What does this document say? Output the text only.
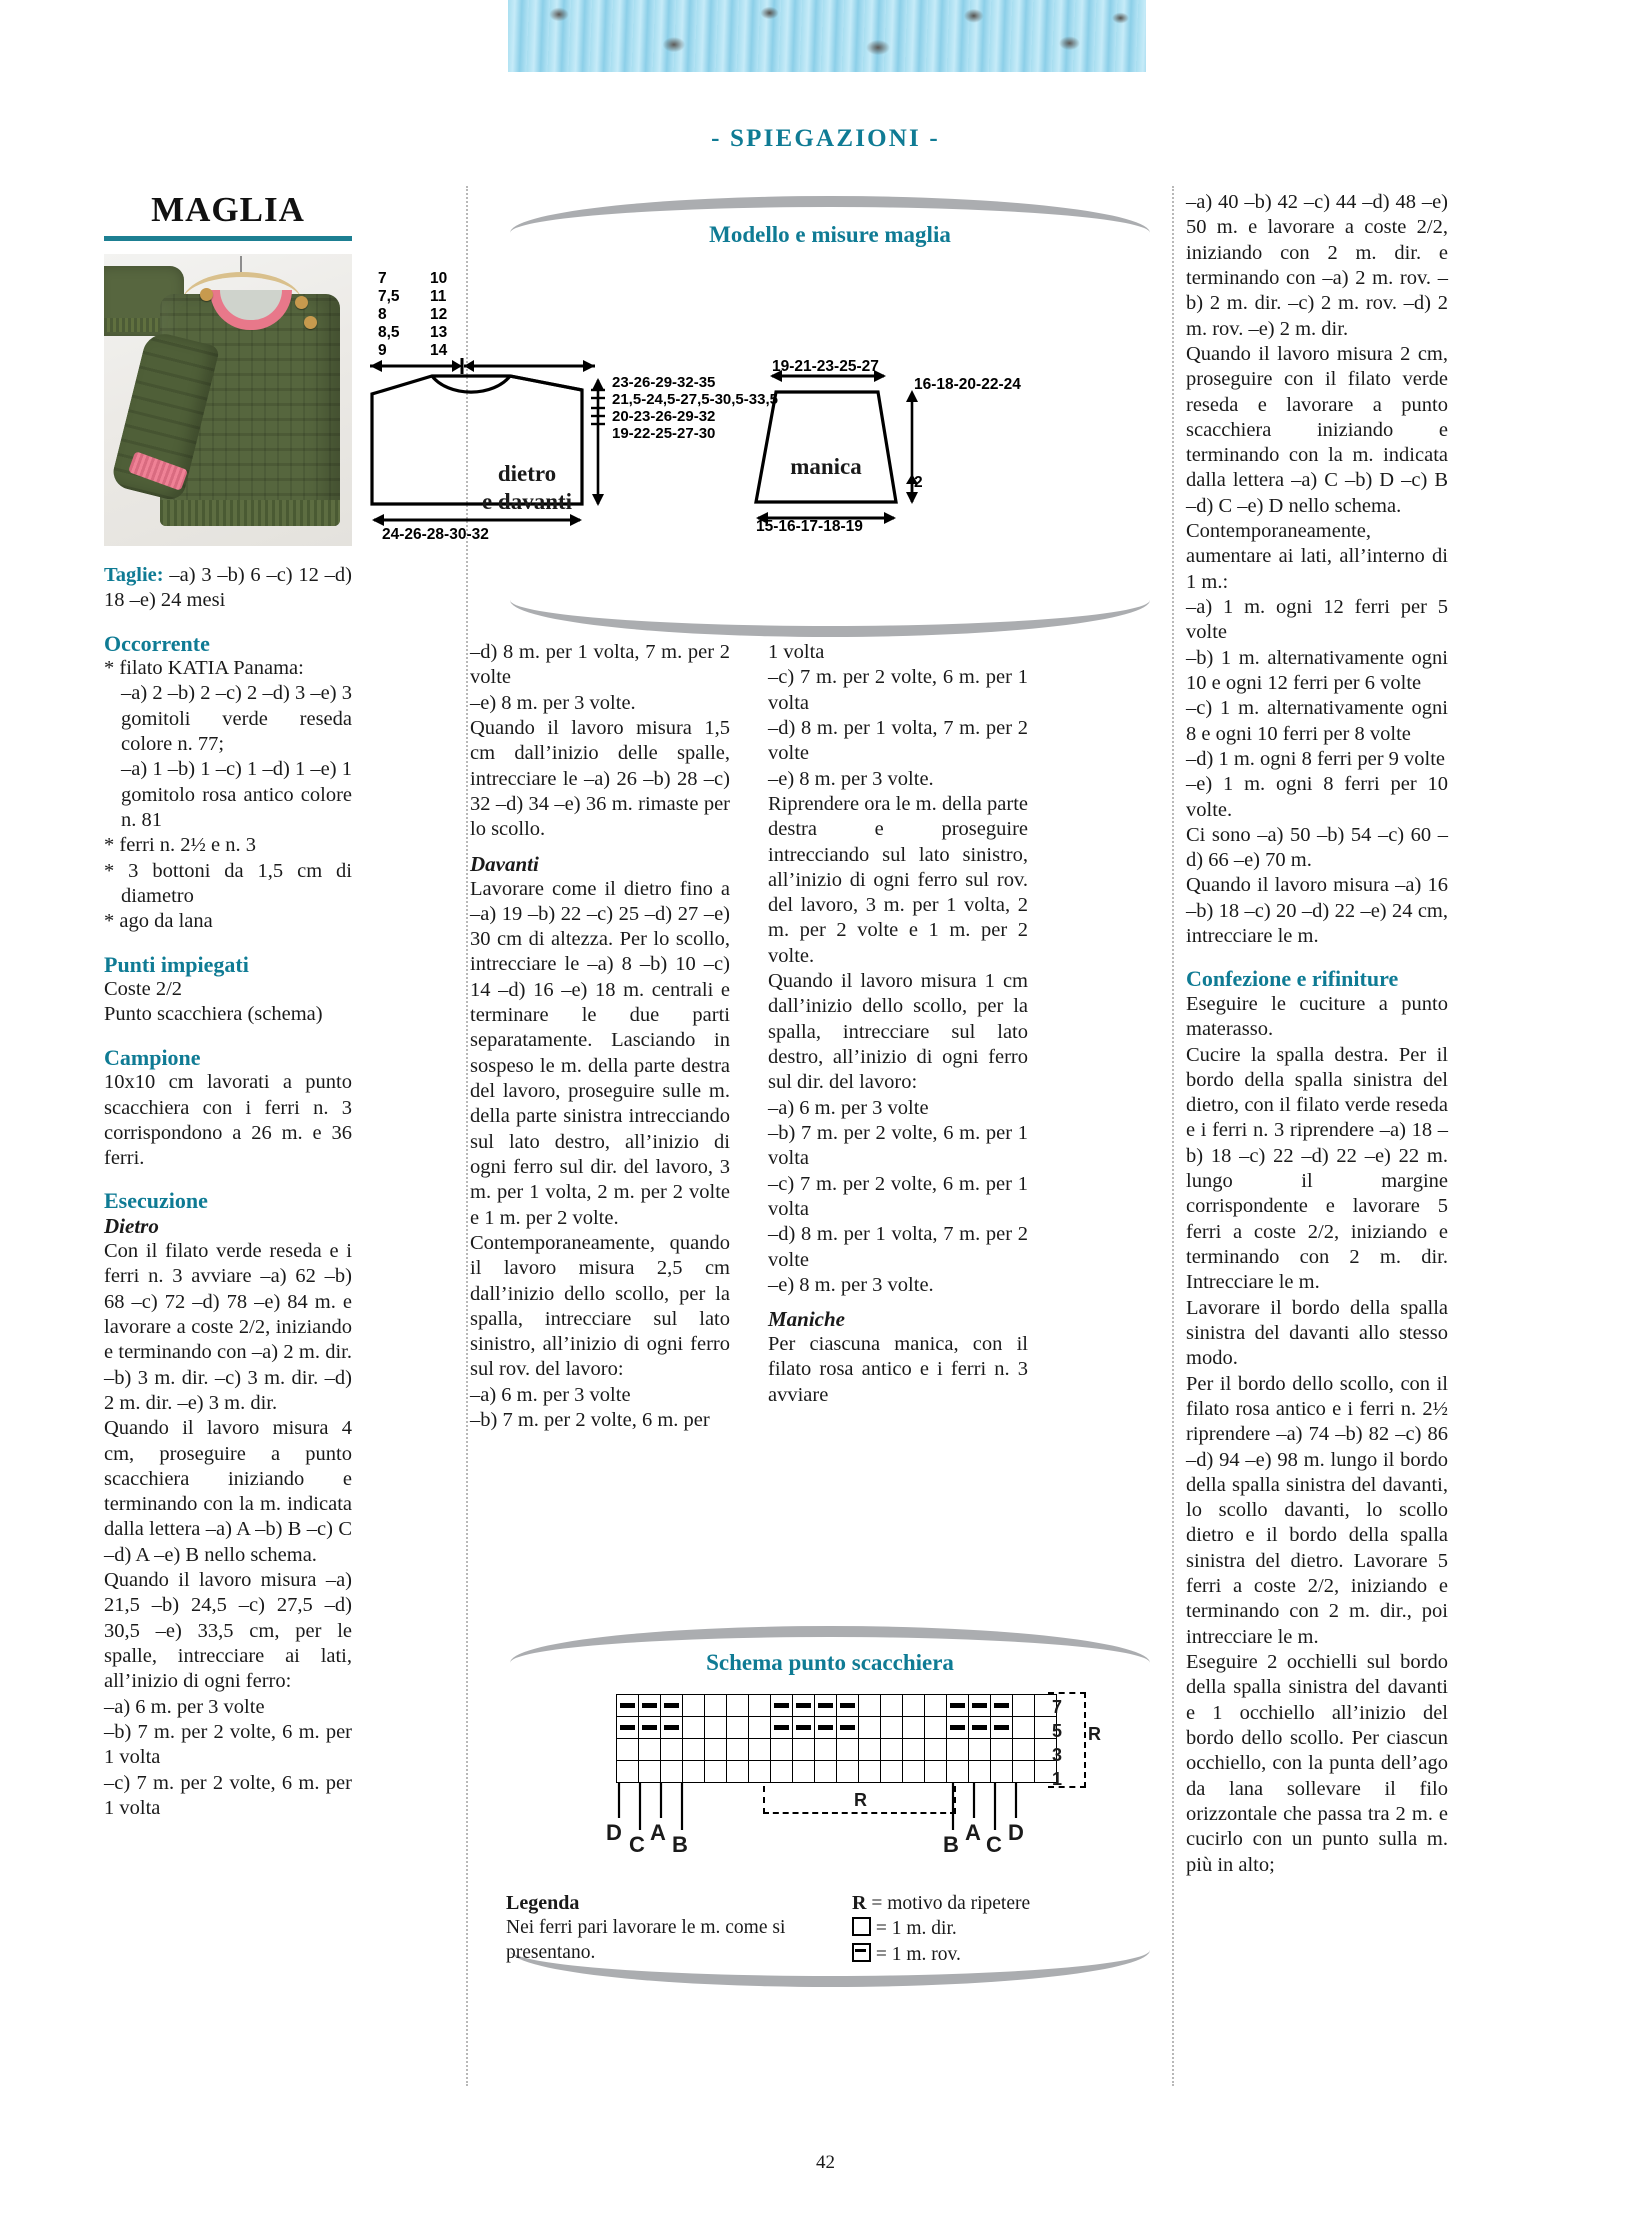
- SPIEGAZIONI -
MAGLIA
Taglie: –a) 3 –b) 6 –c) 12 –d) 18 –e) 24 mesi
Occorrente
* filato KATIA Panama:
–a) 2 –b) 2 –c) 2 –d) 3 –e) 3 gomitoli verde reseda colore n. 77;
–a) 1 –b) 1 –c) 1 –d) 1 –e) 1 gomitolo rosa antico colore n. 81
* ferri n. 2½ e n. 3
* 3 bottoni da 1,5 cm di diametro
* ago da lana
Punti impiegati
Coste 2/2
Punto scacchiera (schema)
Campione
10x10 cm lavorati a punto scacchiera con i ferri n. 3 corrispondono a 26 m. e 36 ferri.
Esecuzione
Dietro
Con il filato verde reseda e i ferri n. 3 avviare –a) 62 –b) 68 –c) 72 –d) 78 –e) 84 m. e lavorare a coste 2/2, iniziando e terminando con –a) 2 m. dir. –b) 3 m. dir. –c) 3 m. dir. –d) 2 m. dir. –e) 3 m. dir.
Quando il lavoro misura 4 cm, proseguire a punto scacchiera iniziando e terminando con la m. indicata dalla lettera –a) A –b) B –c) C –d) A –e) B nello schema.
Quando il lavoro misura –a) 21,5 –b) 24,5 –c) 27,5 –d) 30,5 –e) 33,5 cm, per le spalle, intrecciare ai lati, all’inizio di ogni ferro:
–a) 6 m. per 3 volte
–b) 7 m. per 2 volte, 6 m. per 1 volta
–c) 7 m. per 2 volte, 6 m. per 1 volta
Modello e misure maglia
7
7,5
8
8,5
9
10
11
12
13
14
dietro
e davanti
23-26-29-32-35
21,5-24,5-27,5-30,5-33,5
20-23-26-29-32
19-22-25-27-30
24-26-28-30-32
19-21-23-25-27
16-18-20-22-24
2
15-16-17-18-19
manica
–d) 8 m. per 1 volta, 7 m. per 2 volte
–e) 8 m. per 3 volte.
Quando il lavoro misura 1,5 cm dall’inizio delle spalle, intrecciare le –a) 26 –b) 28 –c) 32 –d) 34 –e) 36 m. rimaste per lo scollo.
Davanti
Lavorare come il dietro fino a –a) 19 –b) 22 –c) 25 –d) 27 –e) 30 cm di altezza. Per lo scollo, intrecciare le –a) 8 –b) 10 –c) 14 –d) 16 –e) 18 m. centrali e terminare le due parti separatamente. Lasciando in sospeso le m. della parte destra del lavoro, proseguire sulle m. della parte sinistra intrecciando sul lato destro, all’inizio di ogni ferro sul dir. del lavoro, 3 m. per 1 volta, 2 m. per 2 volte e 1 m. per 2 volte.
Contemporaneamente, quando il lavoro misura 2,5 cm dall’inizio dello scollo, per la spalla, intrecciare sul lato sinistro, all’inizio di ogni ferro sul rov. del lavoro:
–a) 6 m. per 3 volte
–b) 7 m. per 2 volte, 6 m. per
1 volta
–c) 7 m. per 2 volte, 6 m. per 1 volta
–d) 8 m. per 1 volta, 7 m. per 2 volte
–e) 8 m. per 3 volte.
Riprendere ora le m. della parte destra e proseguire intrecciando sul lato sinistro, all’inizio di ogni ferro sul rov. del lavoro, 3 m. per 1 volta, 2 m. per 2 volte e 1 m. per 2 volte.
Quando il lavoro misura 1 cm dall’inizio dello scollo, per la spalla, intrecciare sul lato destro, all’inizio di ogni ferro sul dir. del lavoro:
–a) 6 m. per 3 volte
–b) 7 m. per 2 volte, 6 m. per 1 volta
–c) 7 m. per 2 volte, 6 m. per 1 volta
–d) 8 m. per 1 volta, 7 m. per 2 volte
–e) 8 m. per 3 volte.
Maniche
Per ciascuna manica, con il filato rosa antico e i ferri n. 3 avviare
–a) 40 –b) 42 –c) 44 –d) 48 –e) 50 m. e lavorare a coste 2/2, iniziando con 2 m. dir. e terminando con –a) 2 m. rov. –b) 2 m. dir. –c) 2 m. rov. –d) 2 m. rov. –e) 2 m. dir.
Quando il lavoro misura 2 cm, proseguire con il filato verde reseda e lavorare a punto scacchiera iniziando e terminando con la m. indicata dalla lettera –a) C –b) D –c) B –d) C –e) D nello schema.
Contemporaneamente, aumentare ai lati, all’interno di 1 m.:
–a) 1 m. ogni 12 ferri per 5 volte
–b) 1 m. alternativamente ogni 10 e ogni 12 ferri per 6 volte
–c) 1 m. alternativamente ogni 8 e ogni 10 ferri per 8 volte
–d) 1 m. ogni 8 ferri per 9 volte
–e) 1 m. ogni 8 ferri per 10 volte.
Ci sono –a) 50 –b) 54 –c) 60 –d) 66 –e) 70 m.
Quando il lavoro misura –a) 16 –b) 18 –c) 20 –d) 22 –e) 24 cm, intrecciare le m.
Confezione e rifiniture
Eseguire le cuciture a punto materasso.
Cucire la spalla destra. Per il bordo della spalla sinistra del dietro, con il filato verde reseda e i ferri n. 3 riprendere –a) 18 –b) 18 –c) 22 –d) 22 –e) 22 m. lungo il margine corrispondente e lavorare 5 ferri a coste 2/2, iniziando e terminando con 2 m. dir. Intrecciare le m.
Lavorare il bordo della spalla sinistra del davanti allo stesso modo.
Per il bordo dello scollo, con il filato rosa antico e i ferri n. 2½ riprendere –a) 74 –b) 82 –c) 86 –d) 94 –e) 98 m. lungo il bordo della spalla sinistra del davanti, lo scollo davanti, lo scollo dietro e il bordo della spalla sinistra del dietro. Lavorare 5 ferri a coste 2/2, iniziando e terminando con 2 m. dir., poi intrecciare le m.
Eseguire 2 occhielli sul bordo della spalla sinistra del davanti e 1 occhiello all’inizio del bordo dello scollo. Per ciascun occhiello, con la punta dell’ago da lana sollevare il filo orizzontale che passa tra 2 m. e cucirlo con un punto sulla m. più in alto;
Schema punto scacchiera

7
5
3
1
R
R
D C A B	B A C D
Legenda
Nei ferri pari lavorare le m. come si presentano.
R = motivo da ripetere
= 1 m. dir.
= 1 m. rov.
42
